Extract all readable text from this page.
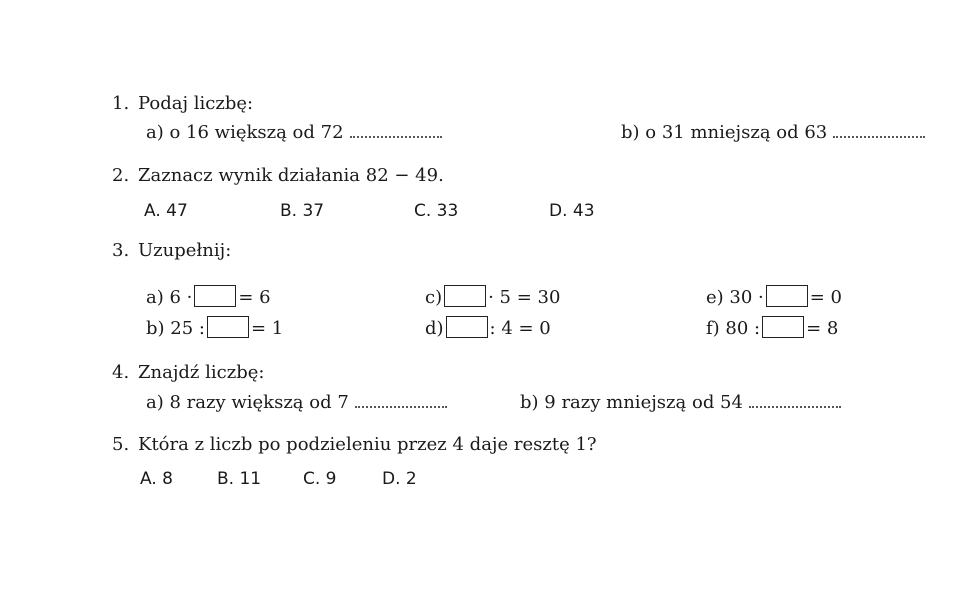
1. Podaj liczbę:
a) o 16 większą od 72	b) o 31 mniejszą od 63
2. Zaznacz wynik działania 82 − 49.
A. 47	B. 37	C. 33	D. 43
3. Uzupełnij:
a) 6 ·	= 6
b) 25 :	= 1
c)	· 5 = 30
d)	: 4 = 0
e) 30 ·	= 0
f) 80 :	= 8
4. Znajdź liczbę:
a) 8 razy większą od 7	b) 9 razy mniejszą od 54
5. Która z liczb po podzieleniu przez 4 daje resztę 1?
A. 8	B. 11 C. 9	D. 2
